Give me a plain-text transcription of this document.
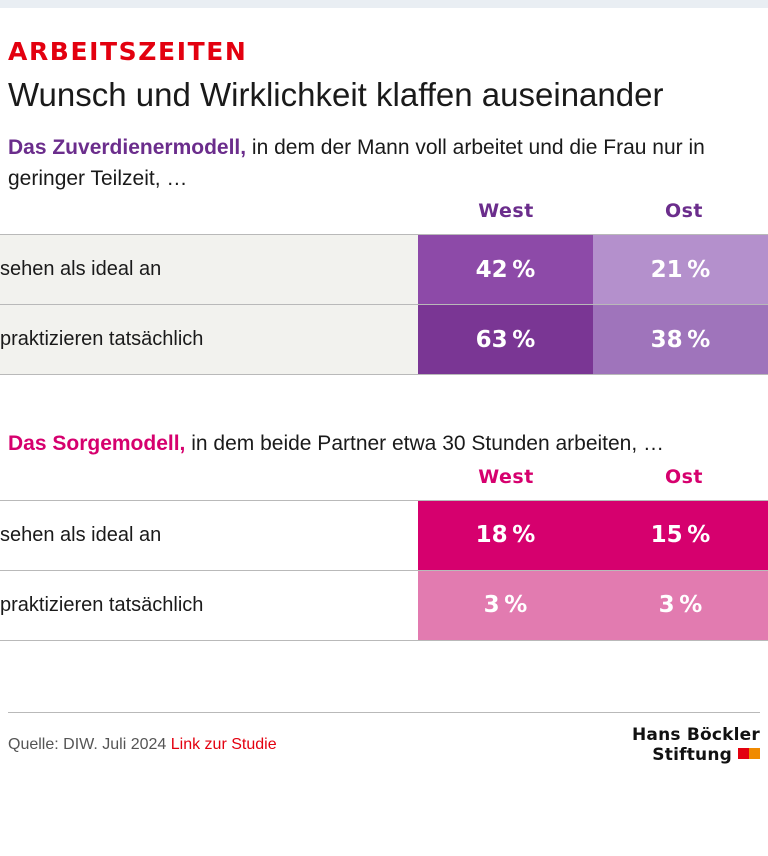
ARBEITSZEITEN
Wunsch und Wirklichkeit klaffen auseinander
Das Zuverdienermodell, in dem der Mann voll arbeitet und die Frau nur in geringer Teilzeit, …
West	Ost
sehen als ideal an	42 %	21 %
praktizieren tatsächlich	63 %	38 %
Das Sorgemodell, in dem beide Partner etwa 30 Stunden arbeiten, …
West	Ost
sehen als ideal an	18 %	15 %
praktizieren tatsächlich	3 %	3 %
Quelle: DIW. Juli 2024 Link zur Studie	Hans Böckler
Stiftung
